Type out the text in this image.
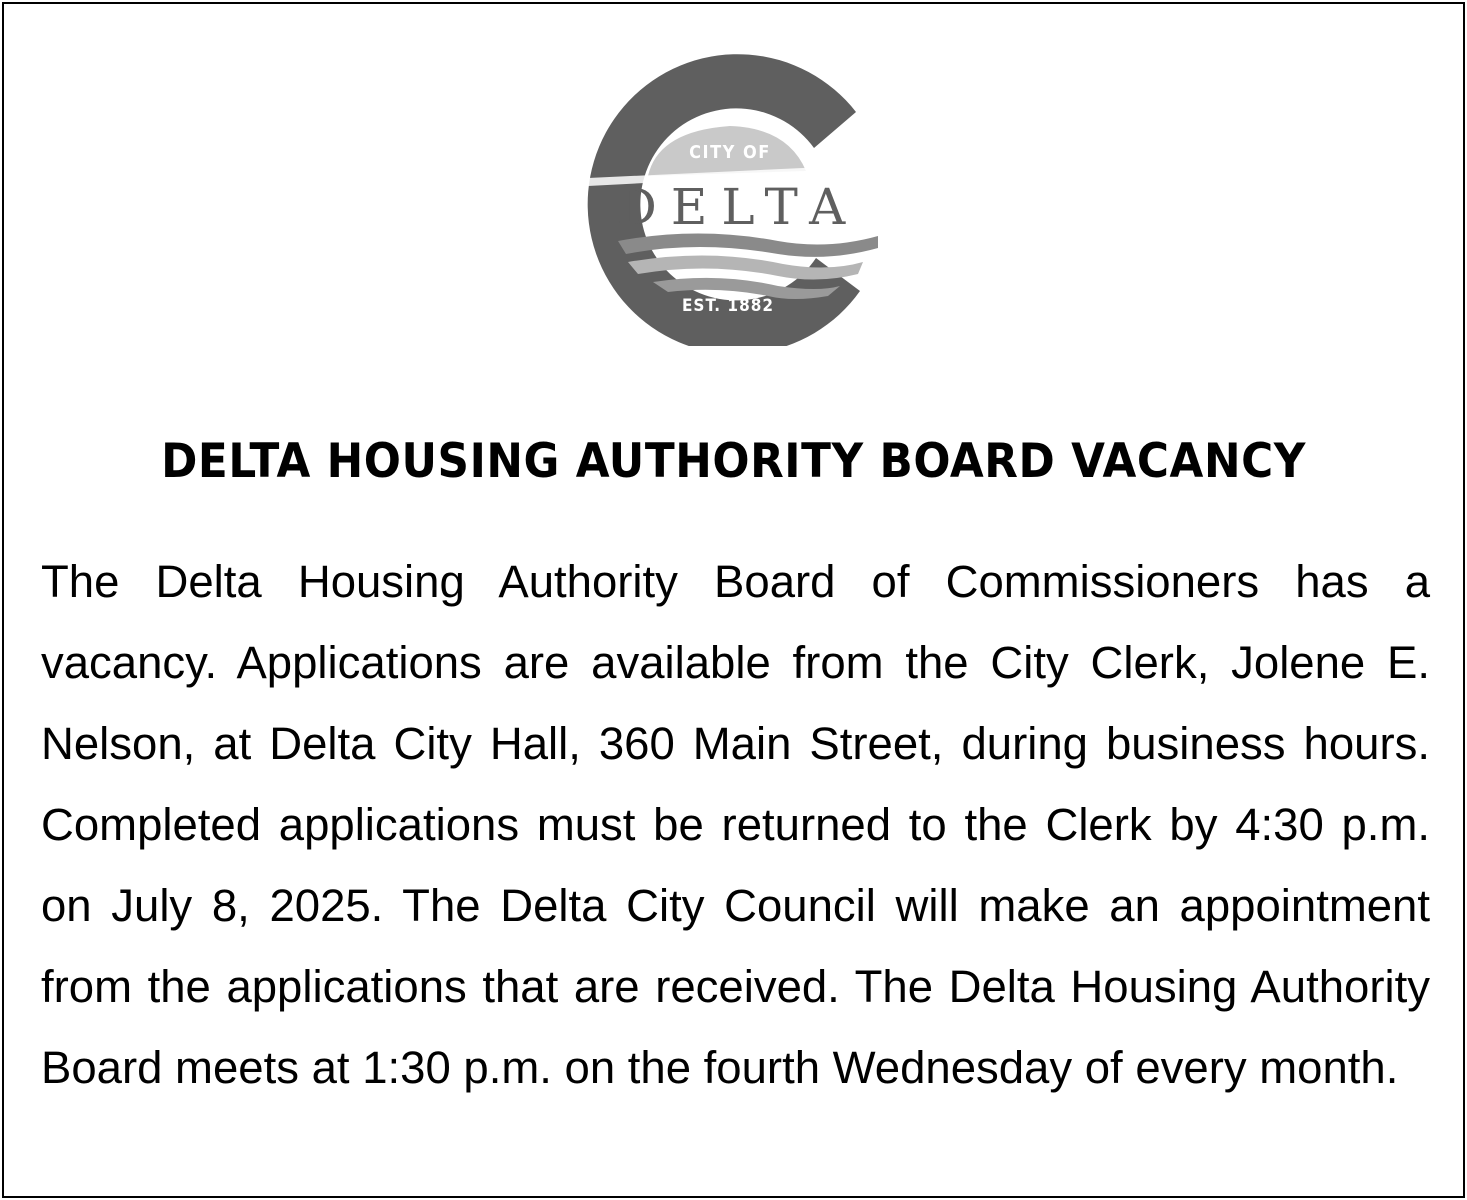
CITY OF
DELTA
EST. 1882
DELTA HOUSING AUTHORITY BOARD VACANCY

The Delta Housing Authority Board of Commissioners has a vacancy. Applications are available from the City Clerk, Jolene E. Nelson, at Delta City Hall, 360 Main Street, during business hours. Completed applications must be returned to the Clerk by 4:30 p.m. on July 8, 2025. The Delta City Council will make an appointment from the applications that are received. The Delta Housing Authority Board meets at 1:30 p.m. on the fourth Wednesday of every month.
